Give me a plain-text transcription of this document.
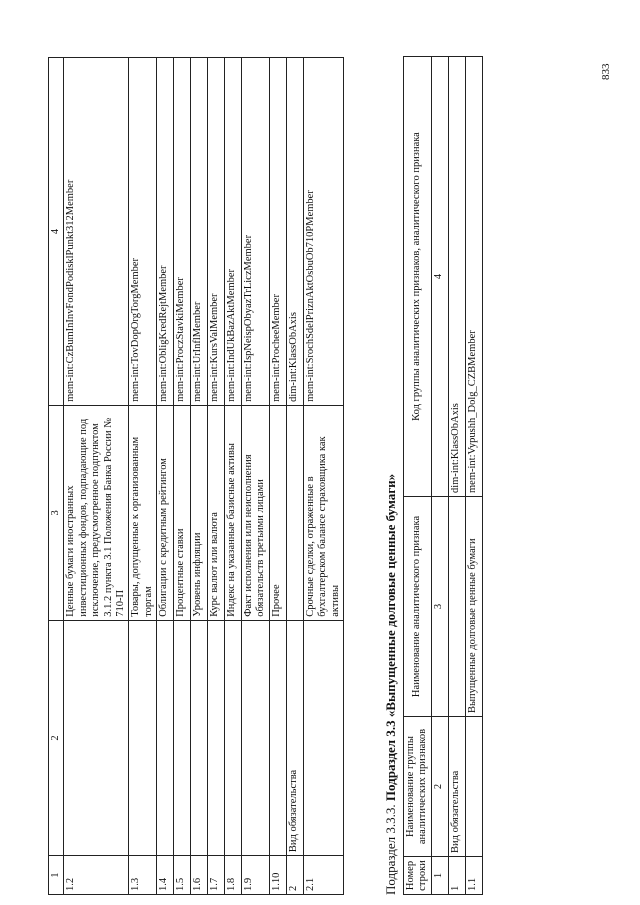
833
1	2	3	4
1.2		Ценные бумаги иностранных инвестиционных фондов, подпадающие под исключение, предусмотренное подпунктом 3.1.2 пункта 3.1 Положения Банка России № 710-П	mem-int:CzBumInInvFondPodisklPunkt312Member
1.3		Товары, допущенные к организованным торгам	mem-int:TovDopOrgTorgMember
1.4		Облигации с кредитным рейтингом	mem-int:ObligKredRejtMember
1.5		Процентные ставки	mem-int:ProczStavkiMember
1.6		Уровень инфляции	mem-int:UrInflMember
1.7		Курс валют или валюта	mem-int:KursValMember
1.8		Индекс на указанные базисные активы	mem-int:IndUkBazAktMember
1.9		Факт исполнения или неисполнения обязательств третьими лицами	mem-int:IspNeispObyazTrLiczMember
1.10		Прочее	mem-int:ProcheeMember
2	Вид обязательства		dim-int:KlassObAxis
2.1		Срочные сделки, отраженные в бухгалтерском балансе страховщика как активы	mem-int:SrochSdelPriznAktOsbuOb710PMember
Подраздел 3.3.3. Подраздел 3.3 «Выпущенные долговые ценные бумаги»
Номер строки	Наименование группы аналитических признаков	Наименование аналитического признака	Код группы аналитических признаков, аналитического признака
1	2	3	4
1	Вид обязательства		dim-int:KlassObAxis
1.1		Выпущенные долговые ценные бумаги	mem-int:Vypushh_Dolg_CZBMember
